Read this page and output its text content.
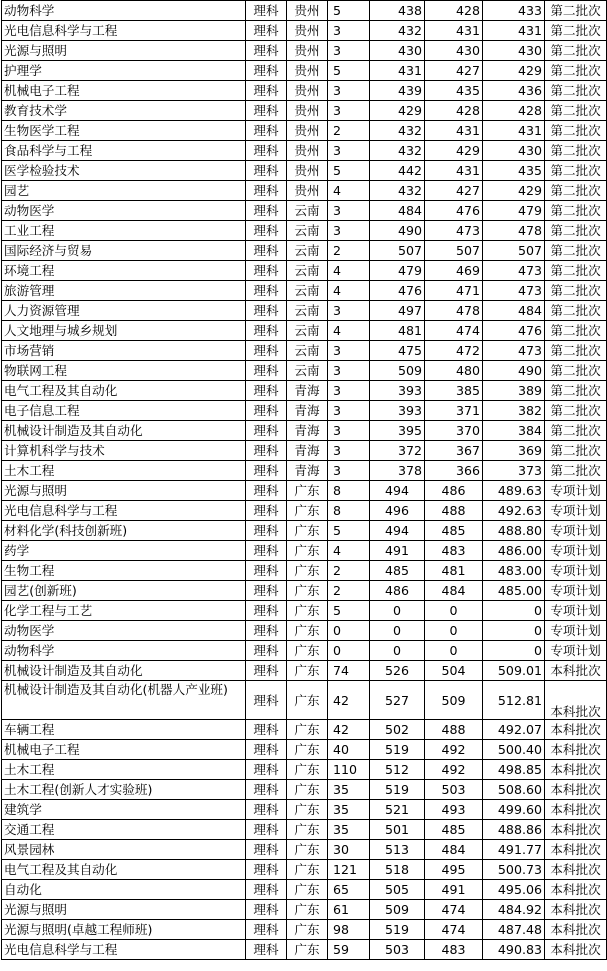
动物科学	理科	贵州	5	438	428	433	第二批次
光电信息科学与工程	理科	贵州	3	432	431	431	第二批次
光源与照明	理科	贵州	3	430	430	430	第二批次
护理学	理科	贵州	5	431	427	429	第二批次
机械电子工程	理科	贵州	3	439	435	436	第二批次
教育技术学	理科	贵州	3	429	428	428	第二批次
生物医学工程	理科	贵州	2	432	431	431	第二批次
食品科学与工程	理科	贵州	3	432	429	430	第二批次
医学检验技术	理科	贵州	5	442	431	435	第二批次
园艺	理科	贵州	4	432	427	429	第二批次
动物医学	理科	云南	3	484	476	479	第二批次
工业工程	理科	云南	3	490	473	478	第二批次
国际经济与贸易	理科	云南	2	507	507	507	第二批次
环境工程	理科	云南	4	479	469	473	第二批次
旅游管理	理科	云南	4	476	471	473	第二批次
人力资源管理	理科	云南	3	497	478	484	第二批次
人文地理与城乡规划	理科	云南	4	481	474	476	第二批次
市场营销	理科	云南	3	475	472	473	第二批次
物联网工程	理科	云南	3	509	480	490	第二批次
电气工程及其自动化	理科	青海	3	393	385	389	第二批次
电子信息工程	理科	青海	3	393	371	382	第二批次
机械设计制造及其自动化	理科	青海	3	395	370	384	第二批次
计算机科学与技术	理科	青海	3	372	367	369	第二批次
土木工程	理科	青海	3	378	366	373	第二批次
光源与照明	理科	广东	8	494	486	489.63	专项计划
光电信息科学与工程	理科	广东	8	496	488	492.63	专项计划
材料化学(科技创新班)	理科	广东	5	494	485	488.80	专项计划
药学	理科	广东	4	491	483	486.00	专项计划
生物工程	理科	广东	2	485	481	483.00	专项计划
园艺(创新班)	理科	广东	2	486	484	485.00	专项计划
化学工程与工艺	理科	广东	5	0	0	0	专项计划
动物医学	理科	广东	0	0	0	0	专项计划
动物科学	理科	广东	0	0	0	0	专项计划
机械设计制造及其自动化	理科	广东	74	526	504	509.01	本科批次
机械设计制造及其自动化(机器人产业班)	理科	广东	42	527	509	512.81	本科批次
车辆工程	理科	广东	42	502	488	492.07	本科批次
机械电子工程	理科	广东	40	519	492	500.40	本科批次
土木工程	理科	广东	110	512	492	498.85	本科批次
土木工程(创新人才实验班)	理科	广东	35	519	503	508.60	本科批次
建筑学	理科	广东	35	521	493	499.60	本科批次
交通工程	理科	广东	35	501	485	488.86	本科批次
风景园林	理科	广东	30	513	484	491.77	本科批次
电气工程及其自动化	理科	广东	121	518	495	500.73	本科批次
自动化	理科	广东	65	505	491	495.06	本科批次
光源与照明	理科	广东	61	509	474	484.92	本科批次
光源与照明(卓越工程师班)	理科	广东	98	519	474	487.48	本科批次
光电信息科学与工程	理科	广东	59	503	483	490.83	本科批次
